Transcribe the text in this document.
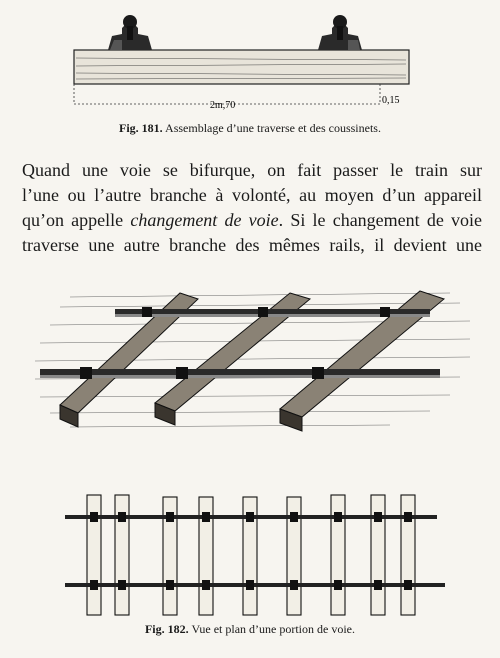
2m,70	0,15
Fig. 181. Assemblage d’une traverse et des coussinets.
Quand une voie se bifurque, on fait passer le train sur
l’une ou l’autre branche à volonté, au moyen d’un appareil
qu’on appelle changement de voie. Si le changement de voie
traverse une autre branche des mêmes rails, il devient une
Fig. 182. Vue et plan d’une portion de voie.
